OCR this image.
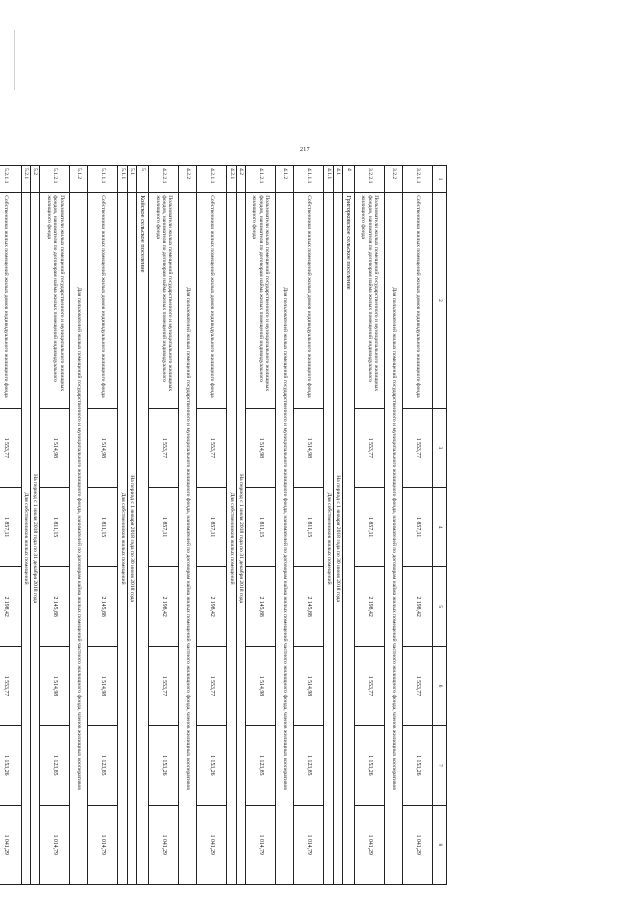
217
1	2	3	4	5	6	7	8
3.2.1.1	Собственники жилых помещений жилых домов индивидуального жилищного фонда	1 553,77	1 857,11	2 198,42	1 553,77	1 153,26	1 041,29
3.2.2	Для пользователей жилых помещений государственного и муниципального жилищного фонда, нанимателей по договорам найма жилых помещений частного жилищного фонда, членов жилищных кооперативов						
3.2.2.1	Пользователи жилых помещений государственного и муниципального жилищных фондов, нанимателя по договорам найма жилых помещений индивидуального жилищного фонда	1 553,77	1 857,11	2 198,42	1 553,77	1 153,26	1 041,29
4	Григорковское сельское поселение						
4.1	На период с 1 января 2018 года по 30 июня 2018 года						
4.1.1	Для собственников жилых помещений						
4.1.1.1	Собственники жилых помещений жилых домов индивидуального жилищного фонда	1 514,98	1 811,15	2 145,88	1 514,98	1 123,85	1 014,79
4.1.2	Для пользователей жилых помещений государственного и муниципального жилищного фонда, нанимателей по договорам найма жилых помещений частного жилищного фонда, членов жилищных кооперативов						
4.1.2.1	Пользователи жилых помещений государственного и муниципального жилищных фондов, нанимателя по договорам найма жилых помещений индивидуального жилищного фонда	1 514,98	1 811,15	2 145,88	1 514,98	1 123,85	1 014,79
4.2	На период с 1 июля 2018 года по 31 декабря 2018 года						
4.2.1	Для собственников жилых помещений						
4.2.1.1	Собственники жилых помещений жилых домов индивидуального жилищного фонда	1 553,77	1 857,11	2 198,42	1 553,77	1 153,26	1 041,29
4.2.2	Для пользователей жилых помещений государственного и муниципального жилищного фонда, нанимателей по договорам найма жилых помещений частного жилищного фонда, членов жилищных кооперативов						
4.2.2.1	Пользователи жилых помещений государственного и муниципального жилищных фондов, нанимателя по договорам найма жилых помещений индивидуального жилищного фонда	1 553,77	1 857,11	2 198,42	1 553,77	1 153,26	1 041,29
5	Койское сельское поселение						
5.1	На период с 1 января 2018 года по 30 июня 2018 года						
5.1.1	Для собственников жилых помещений						
5.1.1.1	Собственники жилых помещений жилых домов индивидуального жилищного фонда	1 514,98	1 811,15	2 145,88	1 514,98	1 123,85	1 014,79
5.1.2	Для пользователей жилых помещений государственного и муниципального жилищного фонда, нанимателей по договорам найма жилых помещений частного жилищного фонда, членов жилищных кооперативов						
5.1.2.1	Пользователи жилых помещений государственного и муниципального жилищных фондов, нанимателя по договорам найма жилых помещений индивидуального жилищного фонда	1 514,98	1 811,15	2 145,88	1 514,98	1 123,85	1 014,79
5.2	На период с 1 июля 2018 года по 31 декабря 2018 года						
5.2.1	Для собственников жилых помещений						
5.2.1.1	Собственники жилых помещений жилых домов индивидуального жилищного фонда	1 553,77	1 857,11	2 198,42	1 553,77	1 153,26	1 041,29
